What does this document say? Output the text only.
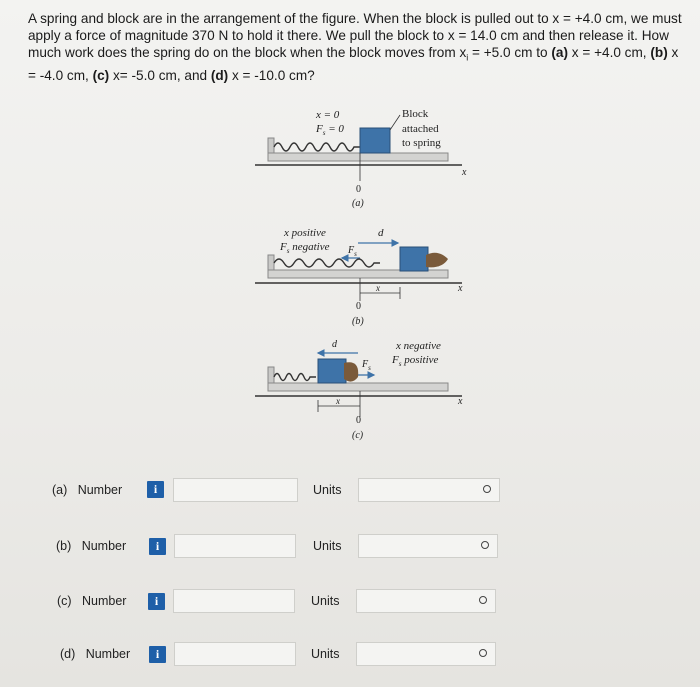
A spring and block are in the arrangement of the figure. When the block is pulled out to x = +4.0 cm, we must apply a force of magnitude 370 N to hold it there. We pull the block to x = 14.0 cm and then release it. How much work does the spring do on the block when the block moves from $x_i = +5.0$ cm to (a) x = +4.0 cm, (b) x = -4.0 cm, (c) x= -5.0 cm, and (d) x = -10.0 cm?
x = 0
$F_s = 0$
x
0
(a)
Block
attached
to spring
x positive
$F_s$ negative
d
$F_s$
x
x
0
(b)
d
$F_s$
x negative
$F_s$ positive
x
x
0
(c)
(a)   Number	i	Units
(b)   Number	i	Units
(c)   Number	i	Units
(d)   Number	i	Units
